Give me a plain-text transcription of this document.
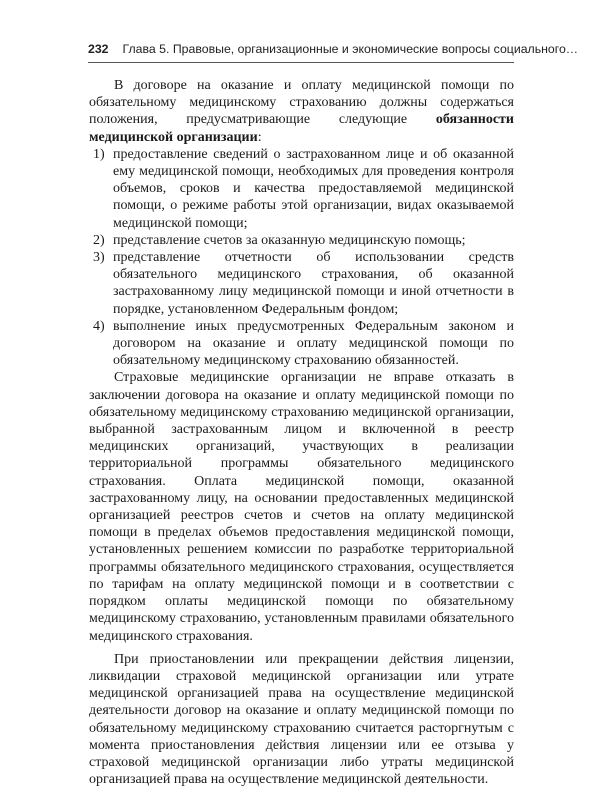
232 Глава 5. Правовые, организационные и экономические вопросы социального…

В договоре на оказание и оплату медицинской помощи по обязательному медицинскому страхованию должны содержаться положения, предусматривающие следующие обязанности медицинской организации:

1) предоставление сведений о застрахованном лице и об оказанной ему медицинской помощи, необходимых для проведения контроля объемов, сроков и качества предоставляемой медицинской помощи, о режиме работы этой организации, видах оказываемой медицинской помощи;
2) представление счетов за оказанную медицинскую помощь;
3) представление отчетности об использовании средств обязательного медицинского страхования, об оказанной застрахованному лицу медицинской помощи и иной отчетности в порядке, установленном Федеральным фондом;
4) выполнение иных предусмотренных Федеральным законом и договором на оказание и оплату медицинской помощи по обязательному медицинскому страхованию обязанностей.

Страховые медицинские организации не вправе отказать в заключении договора на оказание и оплату медицинской помощи по обязательному медицинскому страхованию медицинской организации, выбранной застрахованным лицом и включенной в реестр медицинских организаций, участвующих в реализации территориальной программы обязательного медицинского страхования. Оплата медицинской помощи, оказанной застрахованному лицу, на основании предоставленных медицинской организацией реестров счетов и счетов на оплату медицинской помощи в пределах объемов предоставления медицинской помощи, установленных решением комиссии по разработке территориальной программы обязательного медицинского страхования, осуществляется по тарифам на оплату медицинской помощи и в соответствии с порядком оплаты медицинской помощи по обязательному медицинскому страхованию, установленным правилами обязательного медицинского страхования.

При приостановлении или прекращении действия лицензии, ликвидации страховой медицинской организации или утрате медицинской организацией права на осуществление медицинской деятельности договор на оказание и оплату медицинской помощи по обязательному медицинскому страхованию считается расторгнутым с момента приостановления действия лицензии или ее отзыва у страховой медицинской организации либо утраты медицинской организацией права на осуществление медицинской деятельности.
